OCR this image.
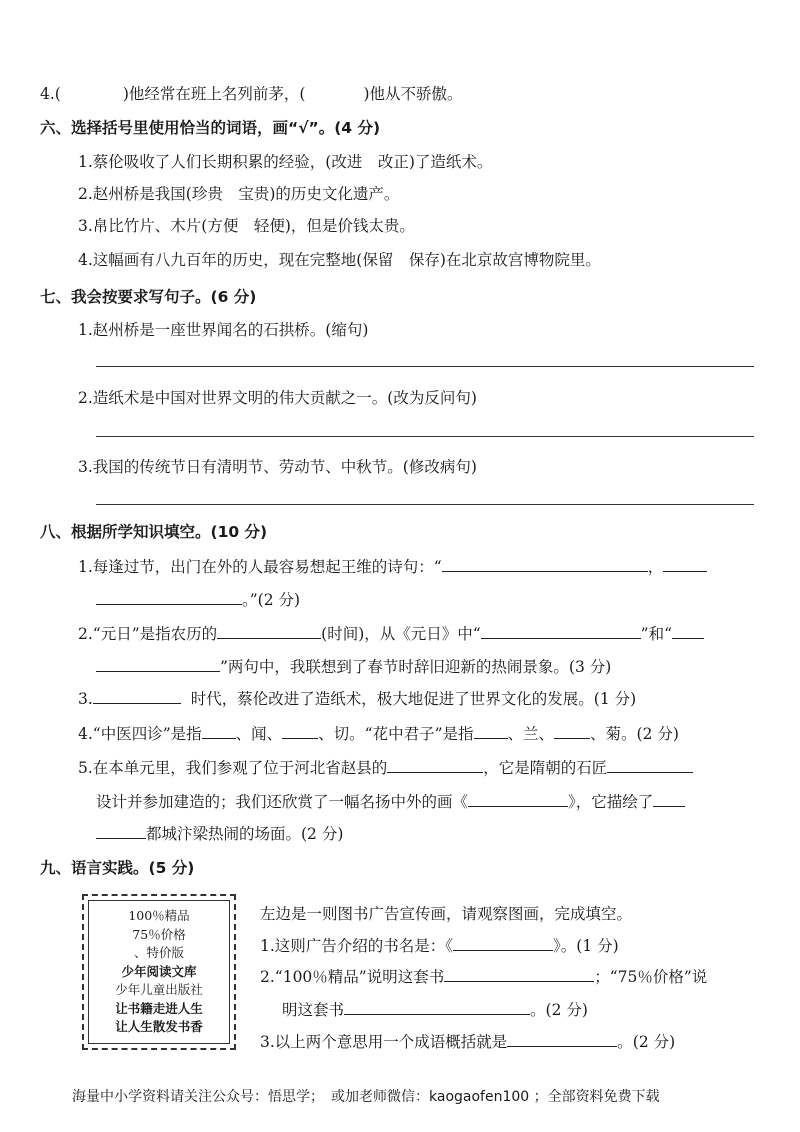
4.(	)他经常在班上名列前茅，(	)他从不骄傲。
六、选择括号里使用恰当的词语，画“√”。(4 分)
1.蔡伦吸收了人们长期积累的经验，(改进　改正)了造纸术。
2.赵州桥是我国(珍贵　宝贵)的历史文化遗产。
3.帛比竹片、木片(方便　轻便)，但是价钱太贵。
4.这幅画有八九百年的历史，现在完整地(保留　保存)在北京故宫博物院里。
七、我会按要求写句子。(6 分)
1.赵州桥是一座世界闻名的石拱桥。(缩句)
2.造纸术是中国对世界文明的伟大贡献之一。(改为反问句)
3.我国的传统节日有清明节、劳动节、中秋节。(修改病句)
八、根据所学知识填空。(10 分)
1.每逢过节，出门在外的人最容易想起王维的诗句：“	，
。”(2 分)
2.“元日”是指农历的	(时间)，从《元日》中“	”和“
”两句中，我联想到了春节时辞旧迎新的热闹景象。(3 分)
3.	时代，蔡伦改进了造纸术，极大地促进了世界文化的发展。(1 分)
4.“中医四诊”是指 、闻、 、切。“花中君子”是指 、兰、 、菊。(2 分)
5.在本单元里，我们参观了位于河北省赵县的	，它是隋朝的石匠
设计并参加建造的；我们还欣赏了一幅名扬中外的画《	》，它描绘了
都城汴梁热闹的场面。(2 分)
九、语言实践。(5 分)
100％精品
75％价格
、特价版
少年阅读文库
少年儿童出版社
让书籍走进人生
让人生散发书香
左边是一则图书广告宣传画，请观察图画，完成填空。
1.这则广告介绍的书名是：《	》。(1 分)
2.“100％精品”说明这套书	；“75％价格”说
明这套书	。(2 分)
3.以上两个意思用一个成语概括就是	。(2 分)
海量中小学资料请关注公众号：悟思学；　或加老师微信：kaogaofen100 ；全部资料免费下载
